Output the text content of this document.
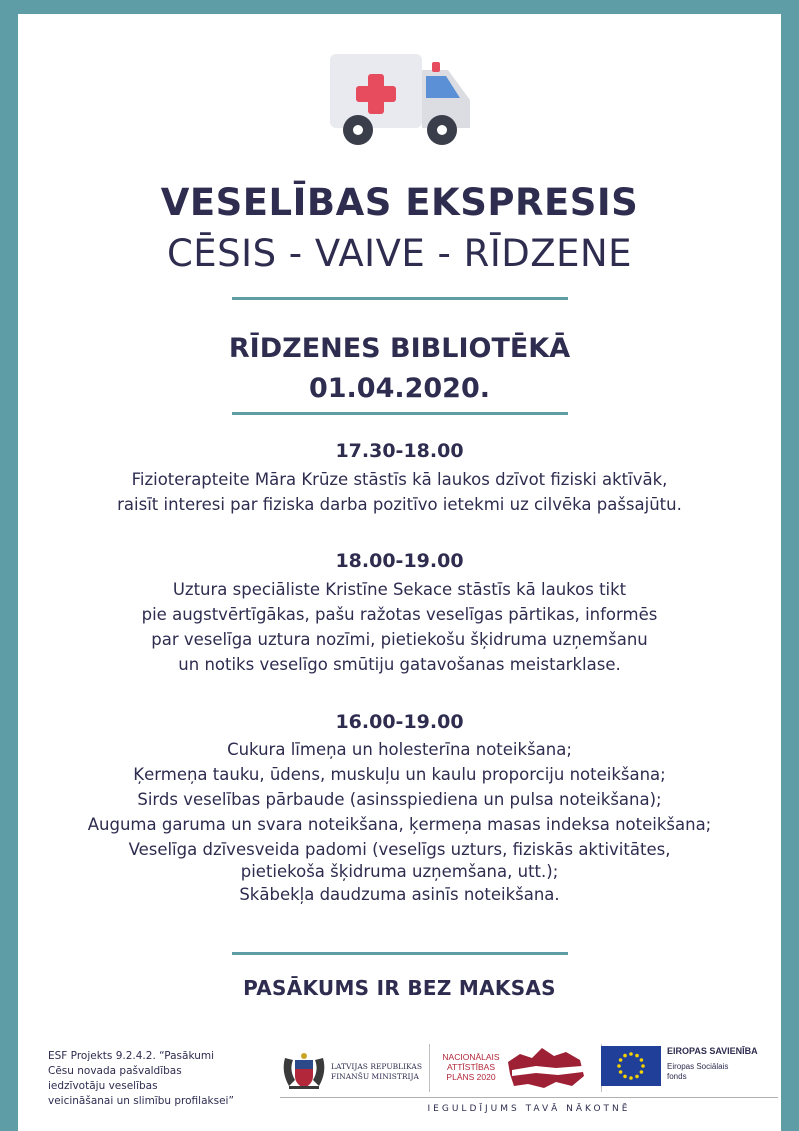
VESELĪBAS EKSPRESIS
CĒSIS - VAIVE - RĪDZENE
RĪDZENES BIBLIOTĒKĀ
01.04.2020.
17.30-18.00
Fizioterapteite Māra Krūze stāstīs kā laukos dzīvot fiziski aktīvāk,
raisīt interesi par fiziska darba pozitīvo ietekmi uz cilvēka pašsajūtu.
18.00-19.00
Uztura speciāliste Kristīne Sekace stāstīs kā laukos tikt
pie augstvērtīgākas, pašu ražotas veselīgas pārtikas, informēs
par veselīga uztura nozīmi, pietiekošu šķidruma uzņemšanu
un notiks veselīgo smūtiju gatavošanas meistarklase.
16.00-19.00
Cukura līmeņa un holesterīna noteikšana;
Ķermeņa tauku, ūdens, muskuļu un kaulu proporciju noteikšana;
Sirds veselības pārbaude (asinsspiediena un pulsa noteikšana);
Auguma garuma un svara noteikšana, ķermeņa masas indeksa noteikšana;
Veselīga dzīvesveida padomi (veselīgs uzturs, fiziskās aktivitātes,
pietiekoša šķidruma uzņemšana, utt.);
Skābekļa daudzuma asinīs noteikšana.
PASĀKUMS IR BEZ MAKSAS
ESF Projekts 9.2.4.2. “Pasākumi
Cēsu novada pašvaldības
iedzīvotāju veselības
veicināšanai un slimību profilaksei”
LATVIJAS REPUBLIKAS
FINANŠU MINISTRIJA
NACIONĀLAIS
ATTĪSTĪBAS
PLĀNS 2020
EIROPAS SAVIENĪBA
Eiropas Sociālais
fonds
IEGULDĪJUMS TAVĀ NĀKOTNĒ
